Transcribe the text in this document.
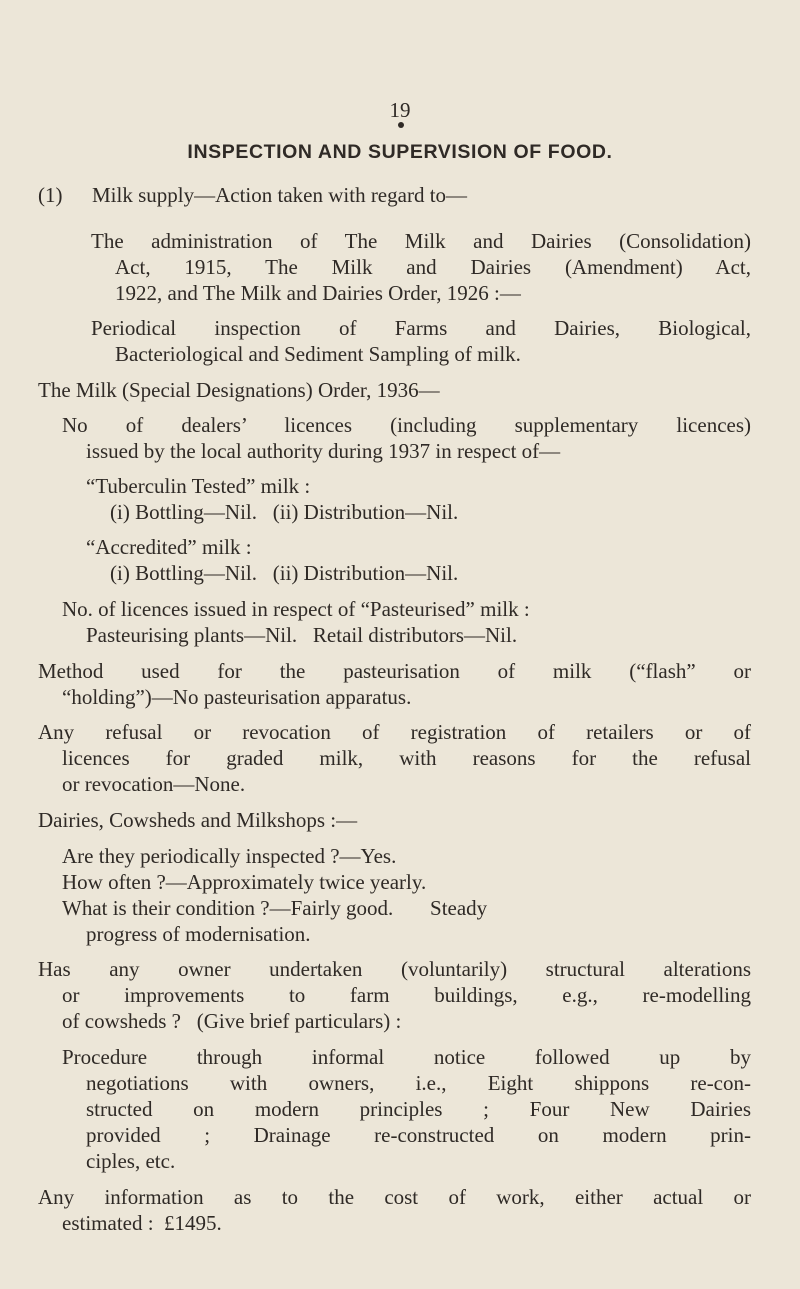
19
INSPECTION AND SUPERVISION OF FOOD.
(1) Milk supply—Action taken with regard to—
The administration of The Milk and Dairies (Consolidation)
Act, 1915, The Milk and Dairies (Amendment) Act,
1922, and The Milk and Dairies Order, 1926 :—
Periodical inspection of Farms and Dairies, Biological,
Bacteriological and Sediment Sampling of milk.
The Milk (Special Designations) Order, 1936—
No of dealers’ licences (including supplementary licences)
issued by the local authority during 1937 in respect of—
“Tuberculin Tested” milk :
(i) Bottling—Nil.   (ii) Distribution—Nil.
“Accredited” milk :
(i) Bottling—Nil.   (ii) Distribution—Nil.
No. of licences issued in respect of “Pasteurised” milk :
Pasteurising plants—Nil.   Retail distributors—Nil.
Method used for the pasteurisation of milk (“flash” or
“holding”)—No pasteurisation apparatus.
Any refusal or revocation of registration of retailers or of
licences for graded milk, with reasons for the refusal
or revocation—None.
Dairies, Cowsheds and Milkshops :—
Are they periodically inspected ?—Yes.
How often ?—Approximately twice yearly.
What is their condition ?—Fairly good.       Steady
progress of modernisation.
Has any owner undertaken (voluntarily) structural alterations
or improvements to farm buildings, e.g., re-modelling
of cowsheds ?   (Give brief particulars) :
Procedure through informal notice followed up by
negotiations with owners, i.e., Eight shippons re-con-
structed on modern principles ; Four New Dairies
provided ; Drainage re-constructed on modern prin-
ciples, etc.
Any information as to the cost of work, either actual or
estimated :  £1495.
